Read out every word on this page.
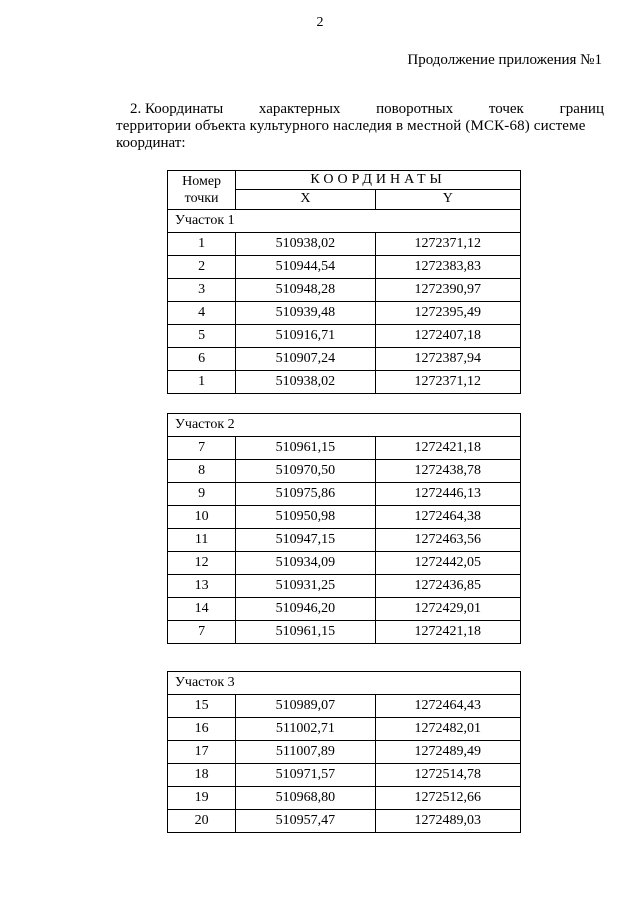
2
Продолжение приложения №1
2. Координаты характерных поворотных точек границ
территории объекта культурного наследия в местной (МСК-68) системе
координат:
Номер
точки	КООРДИНАТЫ	
	X	Y
Участок 1		
1	510938,02	1272371,12
2	510944,54	1272383,83
3	510948,28	1272390,97
4	510939,48	1272395,49
5	510916,71	1272407,18
6	510907,24	1272387,94
1	510938,02	1272371,12
Участок 2		
7	510961,15	1272421,18
8	510970,50	1272438,78
9	510975,86	1272446,13
10	510950,98	1272464,38
11	510947,15	1272463,56
12	510934,09	1272442,05
13	510931,25	1272436,85
14	510946,20	1272429,01
7	510961,15	1272421,18
Участок 3		
15	510989,07	1272464,43
16	511002,71	1272482,01
17	511007,89	1272489,49
18	510971,57	1272514,78
19	510968,80	1272512,66
20	510957,47	1272489,03
